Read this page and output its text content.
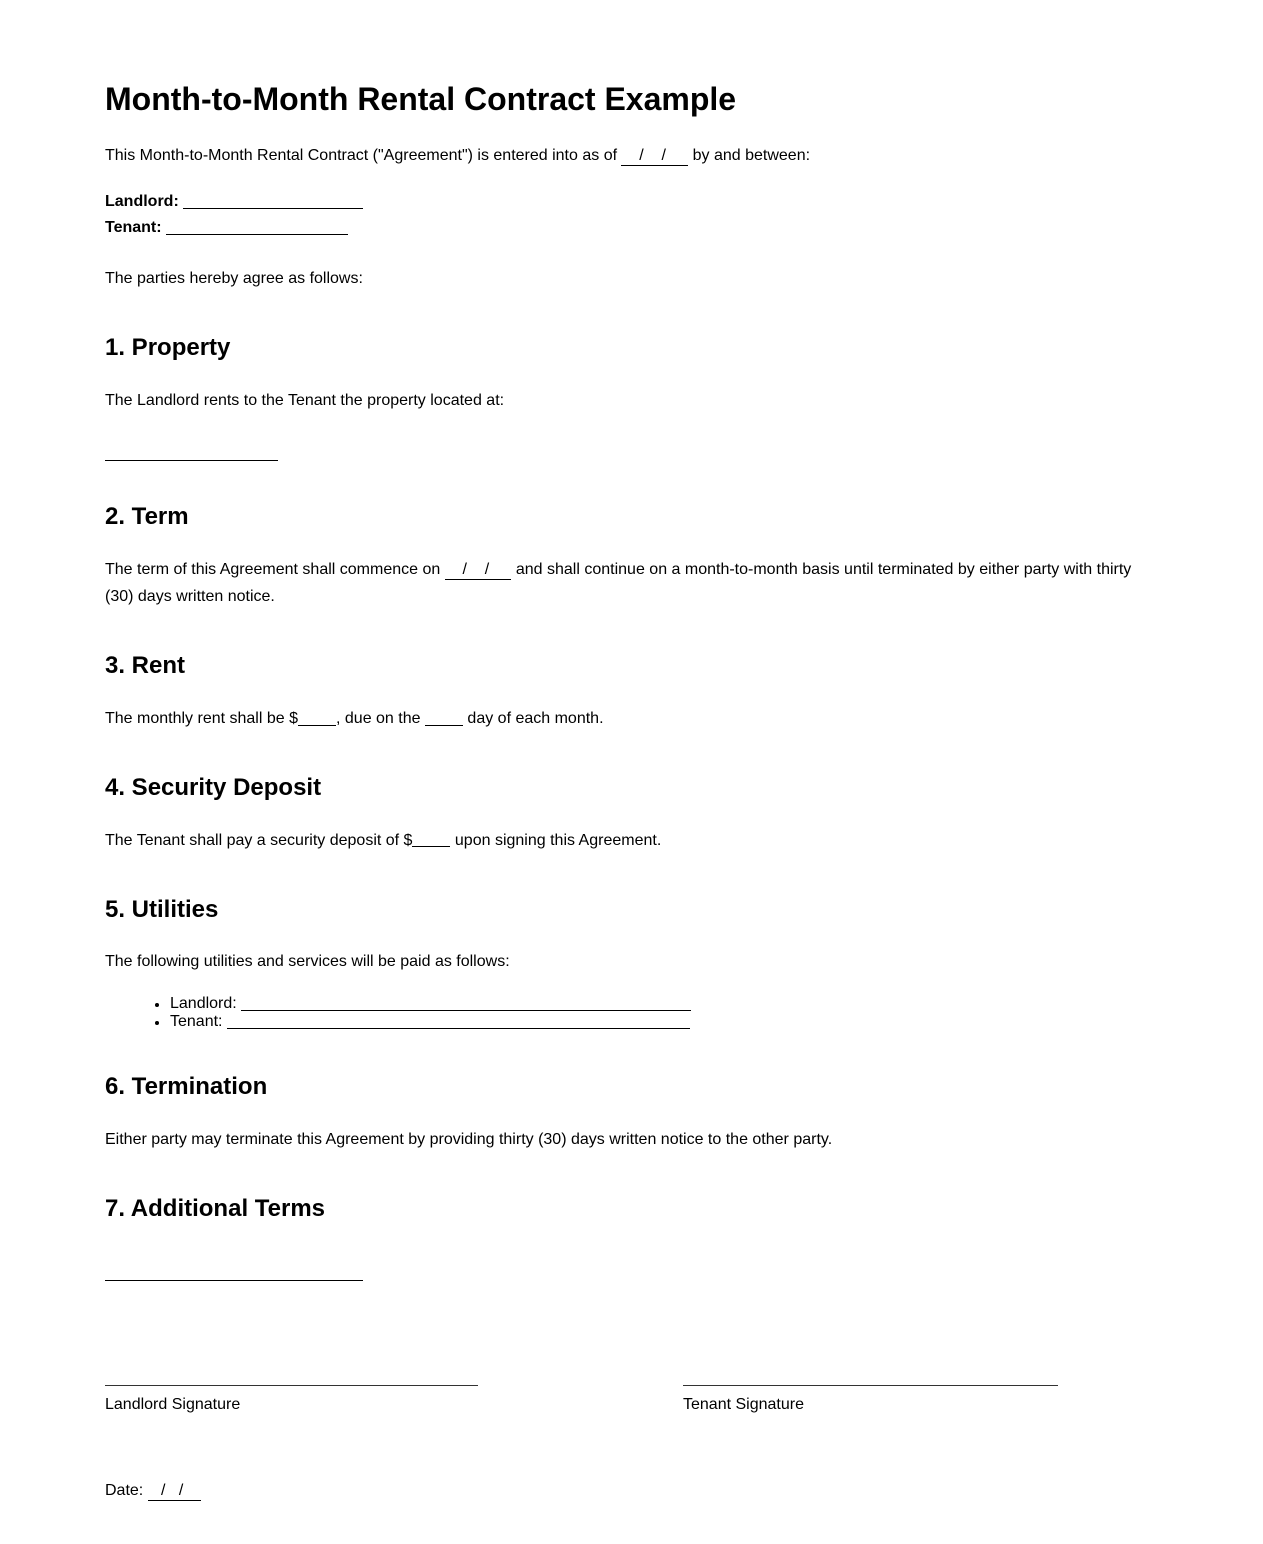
Month-to-Month Rental Contract Example

This Month-to-Month Rental Contract ("Agreement") is entered into as of     /    /      by and between:

Landlord:

Tenant:

The parties hereby agree as follows:

1. Property

The Landlord rents to the Tenant the property located at:

2. Term

The term of this Agreement shall commence on     /    /      and shall continue on a month-to-month basis until terminated by either party with thirty (30) days written notice.

3. Rent

The monthly rent shall be $ , due on the	day of each month.

4. Security Deposit

The Tenant shall pay a security deposit of $	upon signing this Agreement.

5. Utilities

The following utilities and services will be paid as follows:

• Landlord:
• Tenant:
6. Termination

Either party may terminate this Agreement by providing thirty (30) days written notice to the other party.

7. Additional Terms

Landlord Signature	Tenant Signature

Date:    /   /
